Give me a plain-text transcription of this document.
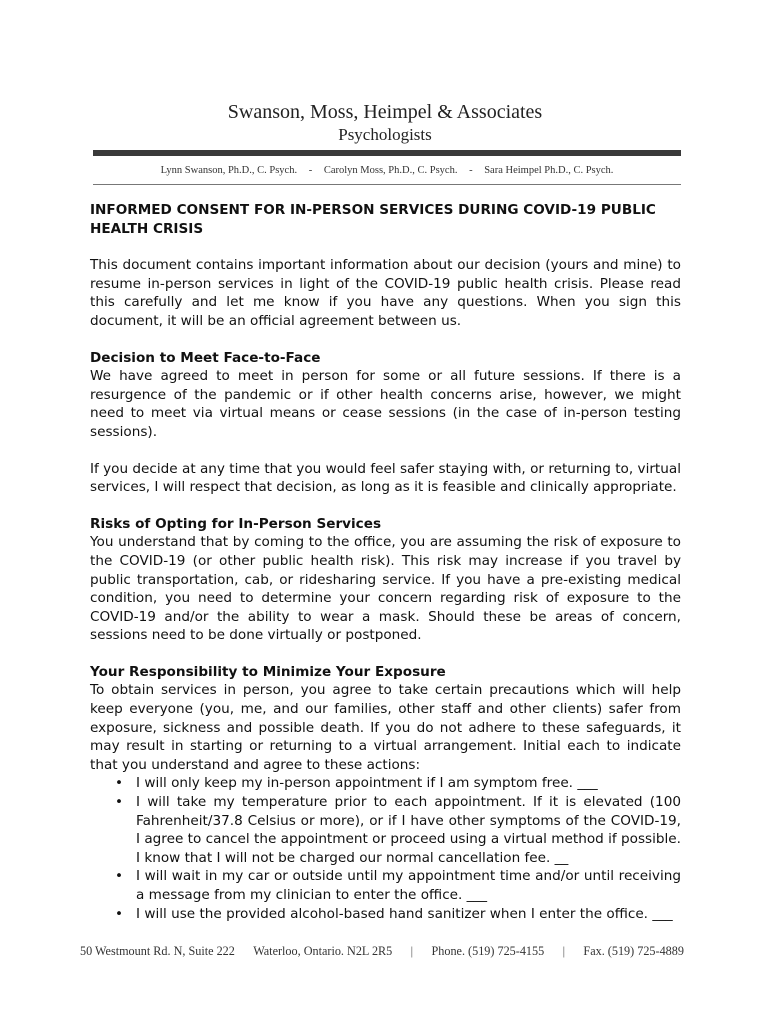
Swanson, Moss, Heimpel & Associates
Psychologists
Lynn Swanson, Ph.D., C. Psych. - Carolyn Moss, Ph.D., C. Psych. - Sara Heimpel Ph.D., C. Psych.
INFORMED CONSENT FOR IN-PERSON SERVICES DURING COVID-19 PUBLIC HEALTH CRISIS

This document contains important information about our decision (yours and mine) to resume in-person services in light of the COVID-19 public health crisis. Please read this carefully and let me know if you have any questions. When you sign this document, it will be an official agreement between us.

Decision to Meet Face-to-Face

We have agreed to meet in person for some or all future sessions. If there is a resurgence of the pandemic or if other health concerns arise, however, we might need to meet via virtual means or cease sessions (in the case of in-person testing sessions).

If you decide at any time that you would feel safer staying with, or returning to, virtual services, I will respect that decision, as long as it is feasible and clinically appropriate.

Risks of Opting for In-Person Services

You understand that by coming to the office, you are assuming the risk of exposure to the COVID-19 (or other public health risk). This risk may increase if you travel by public transportation, cab, or ridesharing service. If you have a pre-existing medical condition, you need to determine your concern regarding risk of exposure to the COVID-19 and/or the ability to wear a mask. Should these be areas of concern, sessions need to be done virtually or postponed.

Your Responsibility to Minimize Your Exposure

To obtain services in person, you agree to take certain precautions which will help keep everyone (you, me, and our families, other staff and other clients) safer from exposure, sickness and possible death. If you do not adhere to these safeguards, it may result in starting or returning to a virtual arrangement. Initial each to indicate that you understand and agree to these actions:

• I will only keep my in-person appointment if I am symptom free. ___
• I will take my temperature prior to each appointment. If it is elevated (100 Fahrenheit/37.8 Celsius or more), or if I have other symptoms of the COVID-19, I agree to cancel the appointment or proceed using a virtual method if possible. I know that I will not be charged our normal cancellation fee. __
• I will wait in my car or outside until my appointment time and/or until receiving a message from my clinician to enter the office. ___
• I will use the provided alcohol-based hand sanitizer when I enter the office. ___
50 Westmount Rd. N, Suite 222 Waterloo, Ontario. N2L 2R5 | Phone. (519) 725-4155 | Fax. (519) 725-4889
